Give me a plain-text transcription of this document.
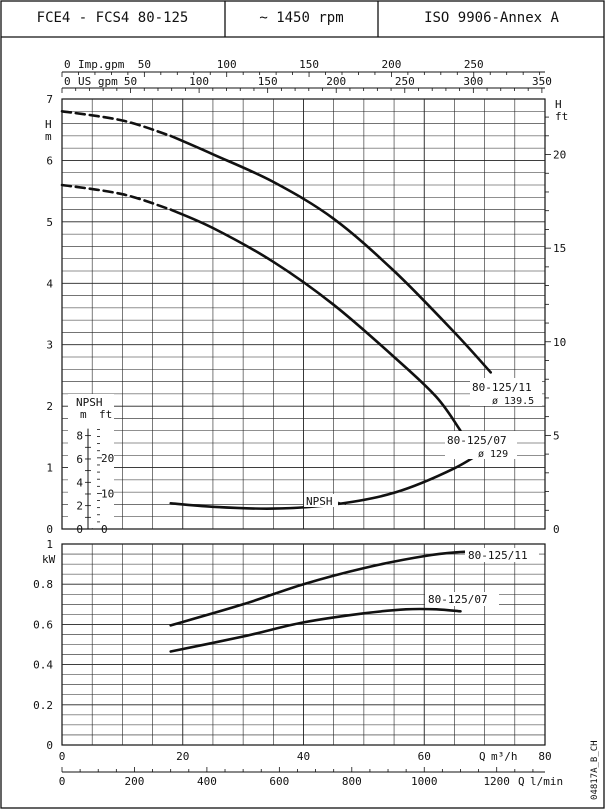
FCE4 - FCS4 80-125	~ 1450 rpm	ISO 9906-Annex A
0	50	100	150	200	250
Imp.gpm
0	50	100	150	200	250	300	350
US gpm
0
1
2
3
4
5
6
7
H
m
0
5
10
15
20
H
ft
0
2
4
6
8
0
10
20
NPSH
m ft
0
0.2
0.4
0.6
0.8
1
kW
0	20	40	60	80
Q m³/h
0	200	400	600	800	1000	1200 Q l/min	04817A_B_CH
80-125/11
ø 139.5
80-125/07
ø 129
NPSH
80-125/11
80-125/07
